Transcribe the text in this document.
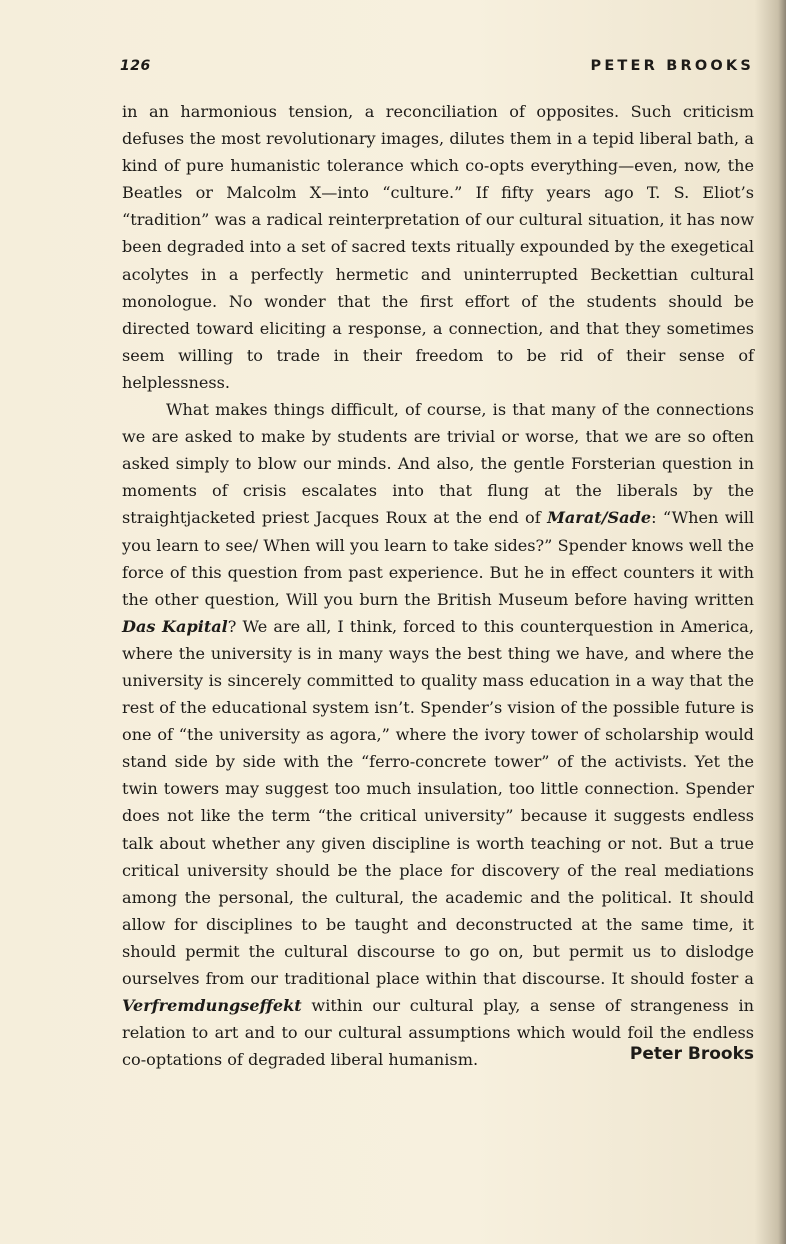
126	PETER BROOKS

in an harmonious tension, a reconciliation of opposites. Such criticism defuses the most revolutionary images, dilutes them in a tepid liberal bath, a kind of pure humanistic tolerance which co-opts everything—even, now, the Beatles or Malcolm X—into “culture.” If fifty years ago T. S. Eliot’s “tradition” was a radical reinterpretation of our cultural situation, it has now been degraded into a set of sacred texts ritually expounded by the exegetical acolytes in a perfectly hermetic and uninterrupted Beckettian cultural monologue. No wonder that the first effort of the students should be directed toward eliciting a response, a connection, and that they sometimes seem willing to trade in their freedom to be rid of their sense of helplessness.

What makes things difficult, of course, is that many of the connections we are asked to make by students are trivial or worse, that we are so often asked simply to blow our minds. And also, the gentle Forsterian question in moments of crisis escalates into that flung at the liberals by the straightjacketed priest Jacques Roux at the end of Marat/Sade: “When will you learn to see/ When will you learn to take sides?” Spender knows well the force of this question from past experience. But he in effect counters it with the other question, Will you burn the British Museum before having written Das Kapital? We are all, I think, forced to this counterquestion in America, where the university is in many ways the best thing we have, and where the university is sincerely committed to quality mass education in a way that the rest of the educational system isn’t. Spender’s vision of the possible future is one of “the university as agora,” where the ivory tower of scholarship would stand side by side with the “ferro-concrete tower” of the activists. Yet the twin towers may suggest too much insulation, too little connection. Spender does not like the term “the critical university” because it suggests endless talk about whether any given discipline is worth teaching or not. But a true critical university should be the place for discovery of the real mediations among the personal, the cultural, the academic and the political. It should allow for disciplines to be taught and deconstructed at the same time, it should permit the cultural discourse to go on, but permit us to dislodge ourselves from our traditional place within that discourse. It should foster a Verfremdungseffekt within our cultural play, a sense of strangeness in relation to art and to our cultural assumptions which would foil the endless co-optations of degraded liberal humanism.	Peter Brooks
